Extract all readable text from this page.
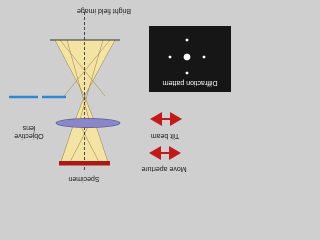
Bright field image
Objective
lens
Specimen
Diffraction pattern
Tilt beam
Move aperture
